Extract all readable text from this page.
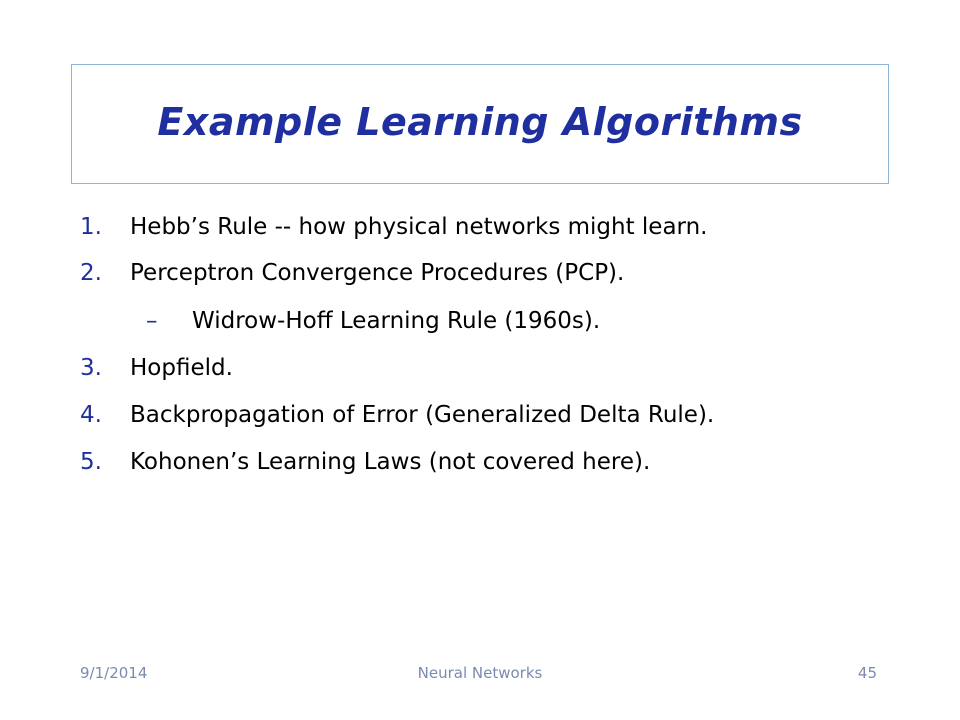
Example Learning Algorithms
1. Hebb’s Rule -- how physical networks might learn.
2. Perceptron Convergence Procedures (PCP).
– Widrow-Hoff Learning Rule (1960s).
3. Hopfield.
4. Backpropagation of Error (Generalized Delta Rule).
5. Kohonen’s Learning Laws (not covered here).
9/1/2014	Neural Networks	45
